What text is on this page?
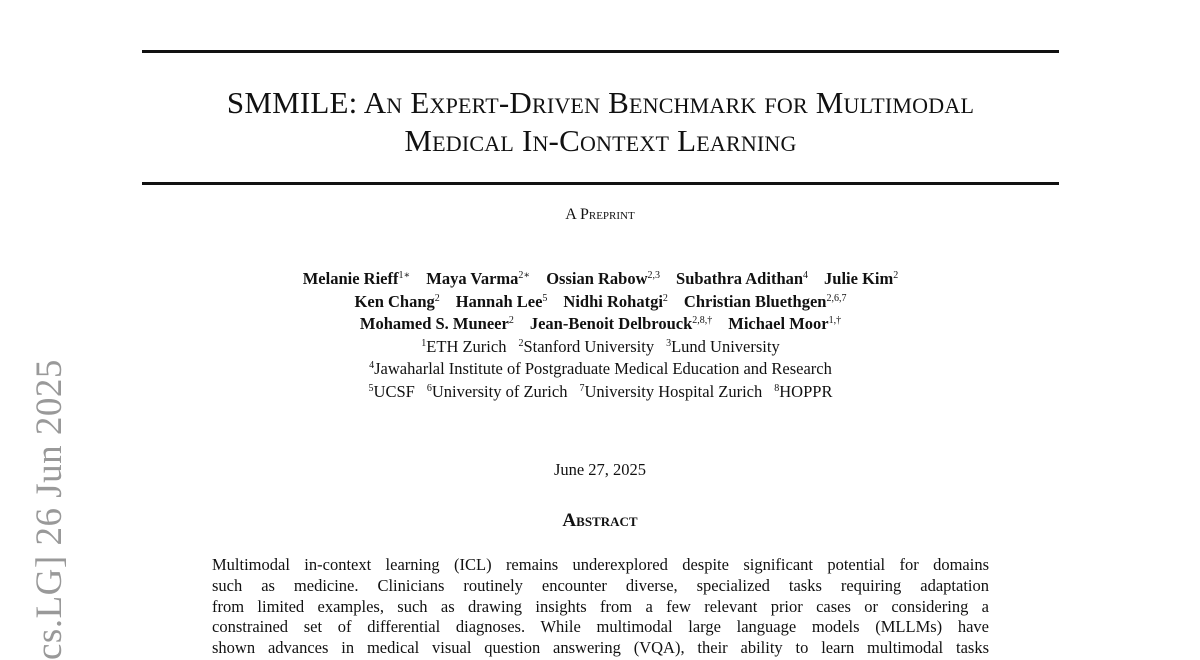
cs.LG] 26 Jun 2025
SMMILE: An Expert-Driven Benchmark for Multimodal
Medical In-Context Learning
A Preprint
Melanie Rieff$^{1∗}$ Maya Varma$^{2∗}$ Ossian Rabow$^{2,3}$ Subathra Adithan$^4$ Julie Kim$^2$
Ken Chang$^2$ Hannah Lee$^5$ Nidhi Rohatgi$^2$ Christian Bluethgen$^{2,6,7}$
Mohamed S. Muneer$^2$ Jean-Benoit Delbrouck$^{2,8,\dagger}$ Michael Moor$^{1,\dagger}$
$^1$ETH Zurich $^2$Stanford University $^3$Lund University
$^4$Jawaharlal Institute of Postgraduate Medical Education and Research
$^5$UCSF $^6$University of Zurich $^7$University Hospital Zurich $^8$HOPPR
June 27, 2025
Abstract
Multimodal in-context learning (ICL) remains underexplored despite significant potential for domains
such as medicine. Clinicians routinely encounter diverse, specialized tasks requiring adaptation
from limited examples, such as drawing insights from a few relevant prior cases or considering a
constrained set of differential diagnoses. While multimodal large language models (MLLMs) have
shown advances in medical visual question answering (VQA), their ability to learn multimodal tasks
